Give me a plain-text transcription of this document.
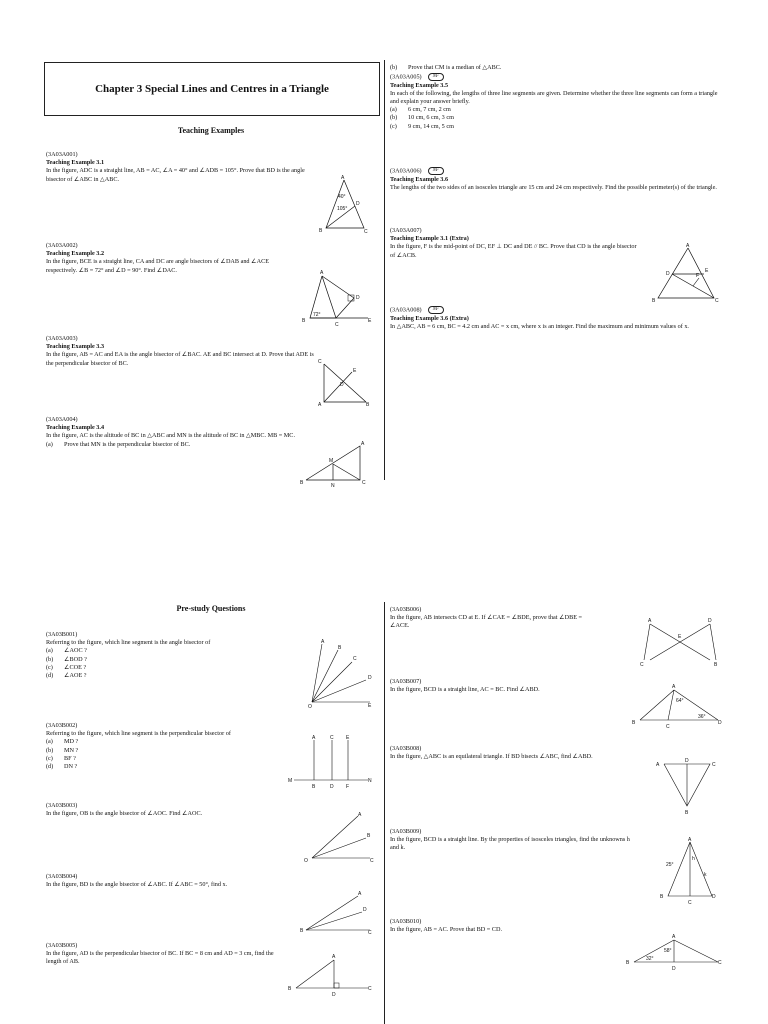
Chapter 3 Special Lines and Centres in a Triangle
Teaching Examples
(3A03A001)
Teaching Example 3.1
In the figure, ADC is a straight line, AB = AC, ∠A = 40° and ∠ADB = 105°. Prove that BD is the angle bisector of ∠ABC in △ABC.	A
B	C
D
40°
105°
(3A03A002)
Teaching Example 3.2
In the figure, BCE is a straight line, CA and DC are angle bisectors of ∠DAB and ∠ACE respectively. ∠B = 72° and ∠D = 90°. Find ∠DAC.	A
B
C
D
E
72°
(3A03A003)
Teaching Example 3.3
In the figure, AB = AC and EA is the angle bisector of ∠BAC. AE and BC intersect at D. Prove that ADE is the perpendicular bisector of BC.	C
A	B
E
D
(3A03A004)
Teaching Example 3.4
In the figure, AC is the altitude of BC in △ABC and MN is the altitude of BC in △MBC. MB = MC.
(a) Prove that MN is the perpendicular bisector of BC.	A
B	C
M
N
(b) Prove that CM is a median of △ABC.
(3A03A005) NF
Teaching Example 3.5
In each of the following, the lengths of three line segments are given. Determine whether the three line segments can form a triangle and explain your answer briefly.
(a) 6 cm, 7 cm, 2 cm
(b) 10 cm, 6 cm, 3 cm
(c) 9 cm, 14 cm, 5 cm
(3A03A006) NF
Teaching Example 3.6
The lengths of the two sides of an isosceles triangle are 15 cm and 24 cm respectively. Find the possible perimeter(s) of the triangle.
(3A03A007)
Teaching Example 3.1 (Extra)
In the figure, F is the mid-point of DC, EF ⊥ DC and DE // BC. Prove that CD is the angle bisector of ∠ACB.
A
B	C
D	E
F
(3A03A008) NF
Teaching Example 3.6 (Extra)
In △ABC, AB = 6 cm, BC = 4.2 cm and AC = x cm, where x is an integer. Find the maximum and minimum values of x.
Pre-study Questions
(3A03B001)
Referring to the figure, which line segment is the angle bisector of
(a) ∠AOC ?
(b) ∠BOD ?
(c) ∠COE ?
(d) ∠AOE ?
A
B
C
D
E
O
(3A03B002)
Referring to the figure, which line segment is the perpendicular bisector of
(a) MD ?
(b) MN ?
(c) BF ?
(d) DN ?
M
A	C E
N
B	D F
(3A03B003)
In the figure, OB is the angle bisector of ∠AOC. Find ∠AOC.	A
B
C
O
(3A03B004)
In the figure, BD is the angle bisector of ∠ABC. If ∠ABC = 50°, find x.
A
D
C
B
(3A03B005)
In the figure, AD is the perpendicular bisector of BC. If BC = 8 cm and AD = 3 cm, find the length of AB.
A
B
D
C
(3A03B006)
In the figure, AB intersects CD at E. If ∠CAE = ∠BDE, prove that ∠DBE = ∠ACE.
A	D
C	B
E
(3A03B007)
In the figure, BCD is a straight line, AC = BC. Find ∠ABD.	A
B
C
D
64°
36°
(3A03B008)
In the figure, △ABC is an equilateral triangle. If BD bisects ∠ABC, find ∠ABD.
A	C
D
B
(3A03B009)
In the figure, BCD is a straight line. By the properties of isosceles triangles, find the unknowns h and k.
A
B
C
D
25°
h
k
(3A03B010)
In the figure, AB = AC. Prove that BD = CD.
A
B
D
C
58°
32°
